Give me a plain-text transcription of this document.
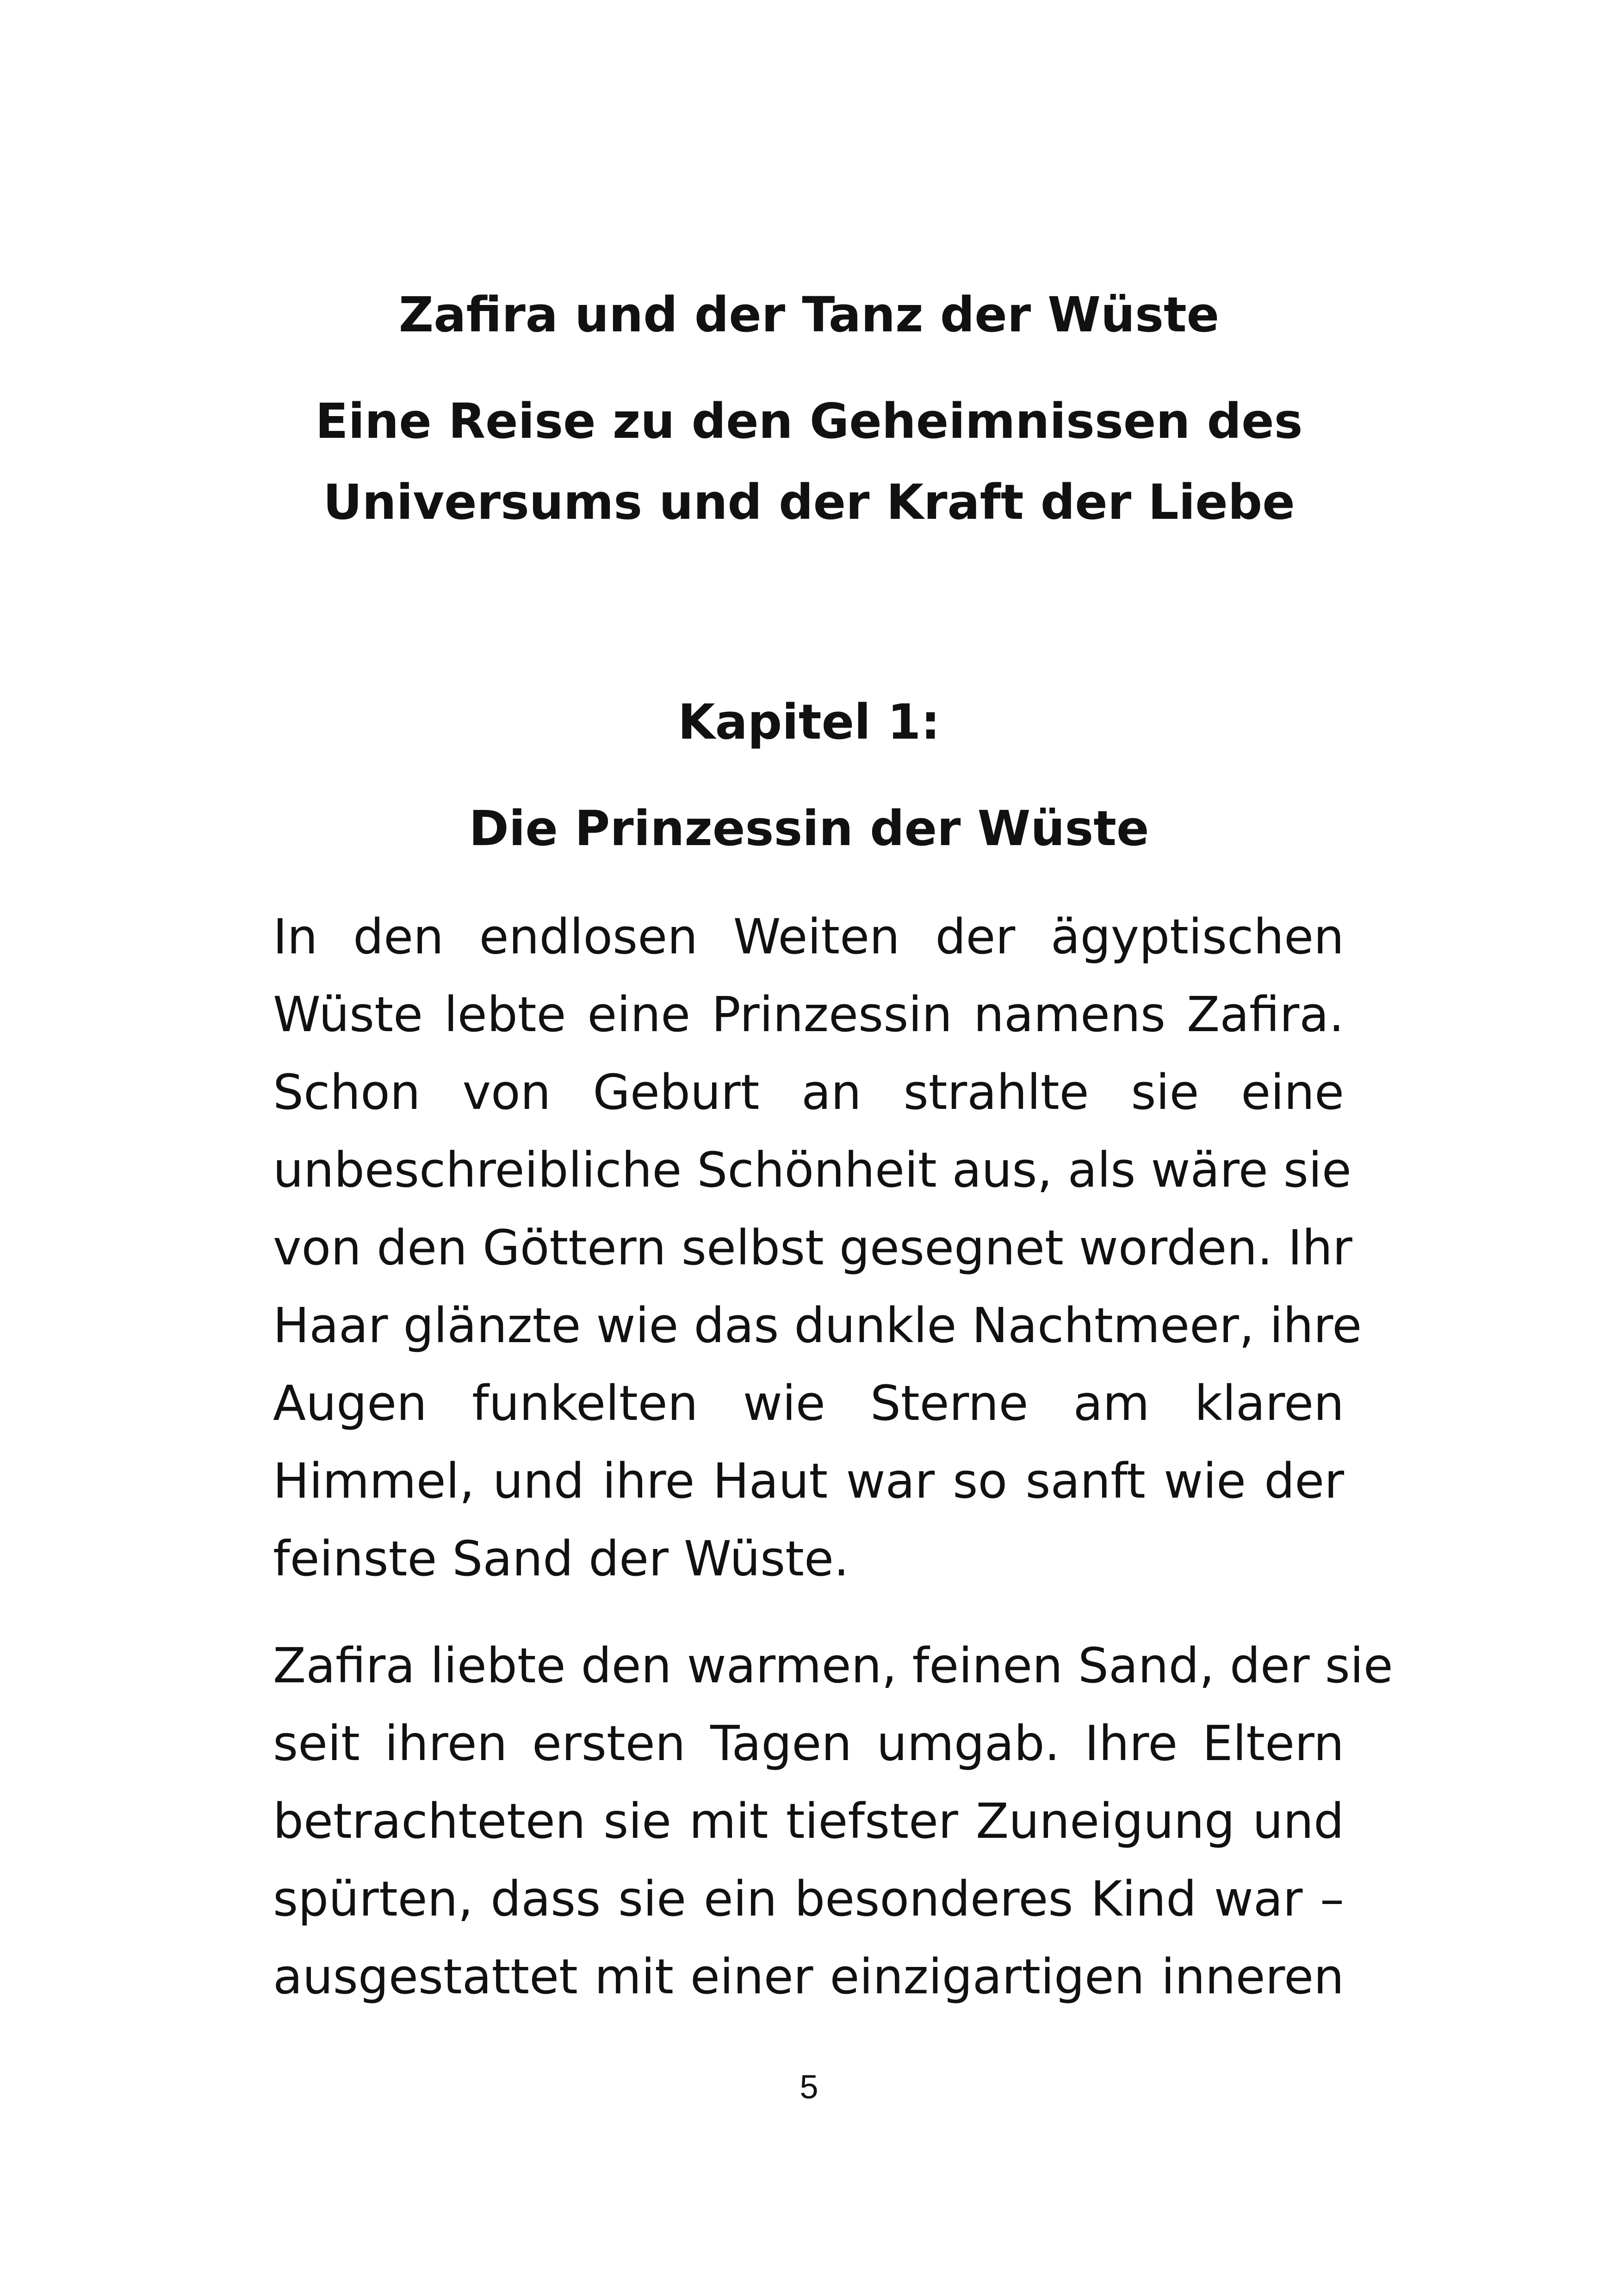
Zafira und der Tanz der Wüste
Eine Reise zu den Geheimnissen des
Universums und der Kraft der Liebe
Kapitel 1:
Die Prinzessin der Wüste
In den endlosen Weiten der ägyptischen
Wüste lebte eine Prinzessin namens Zafira.
Schon von Geburt an strahlte sie eine
unbeschreibliche Schönheit aus, als wäre sie
von den Göttern selbst gesegnet worden. Ihr
Haar glänzte wie das dunkle Nachtmeer, ihre
Augen funkelten wie Sterne am klaren
Himmel, und ihre Haut war so sanft wie der
feinste Sand der Wüste.
Zafira liebte den warmen, feinen Sand, der sie
seit ihren ersten Tagen umgab. Ihre Eltern
betrachteten sie mit tiefster Zuneigung und
spürten, dass sie ein besonderes Kind war –
ausgestattet mit einer einzigartigen inneren
5
